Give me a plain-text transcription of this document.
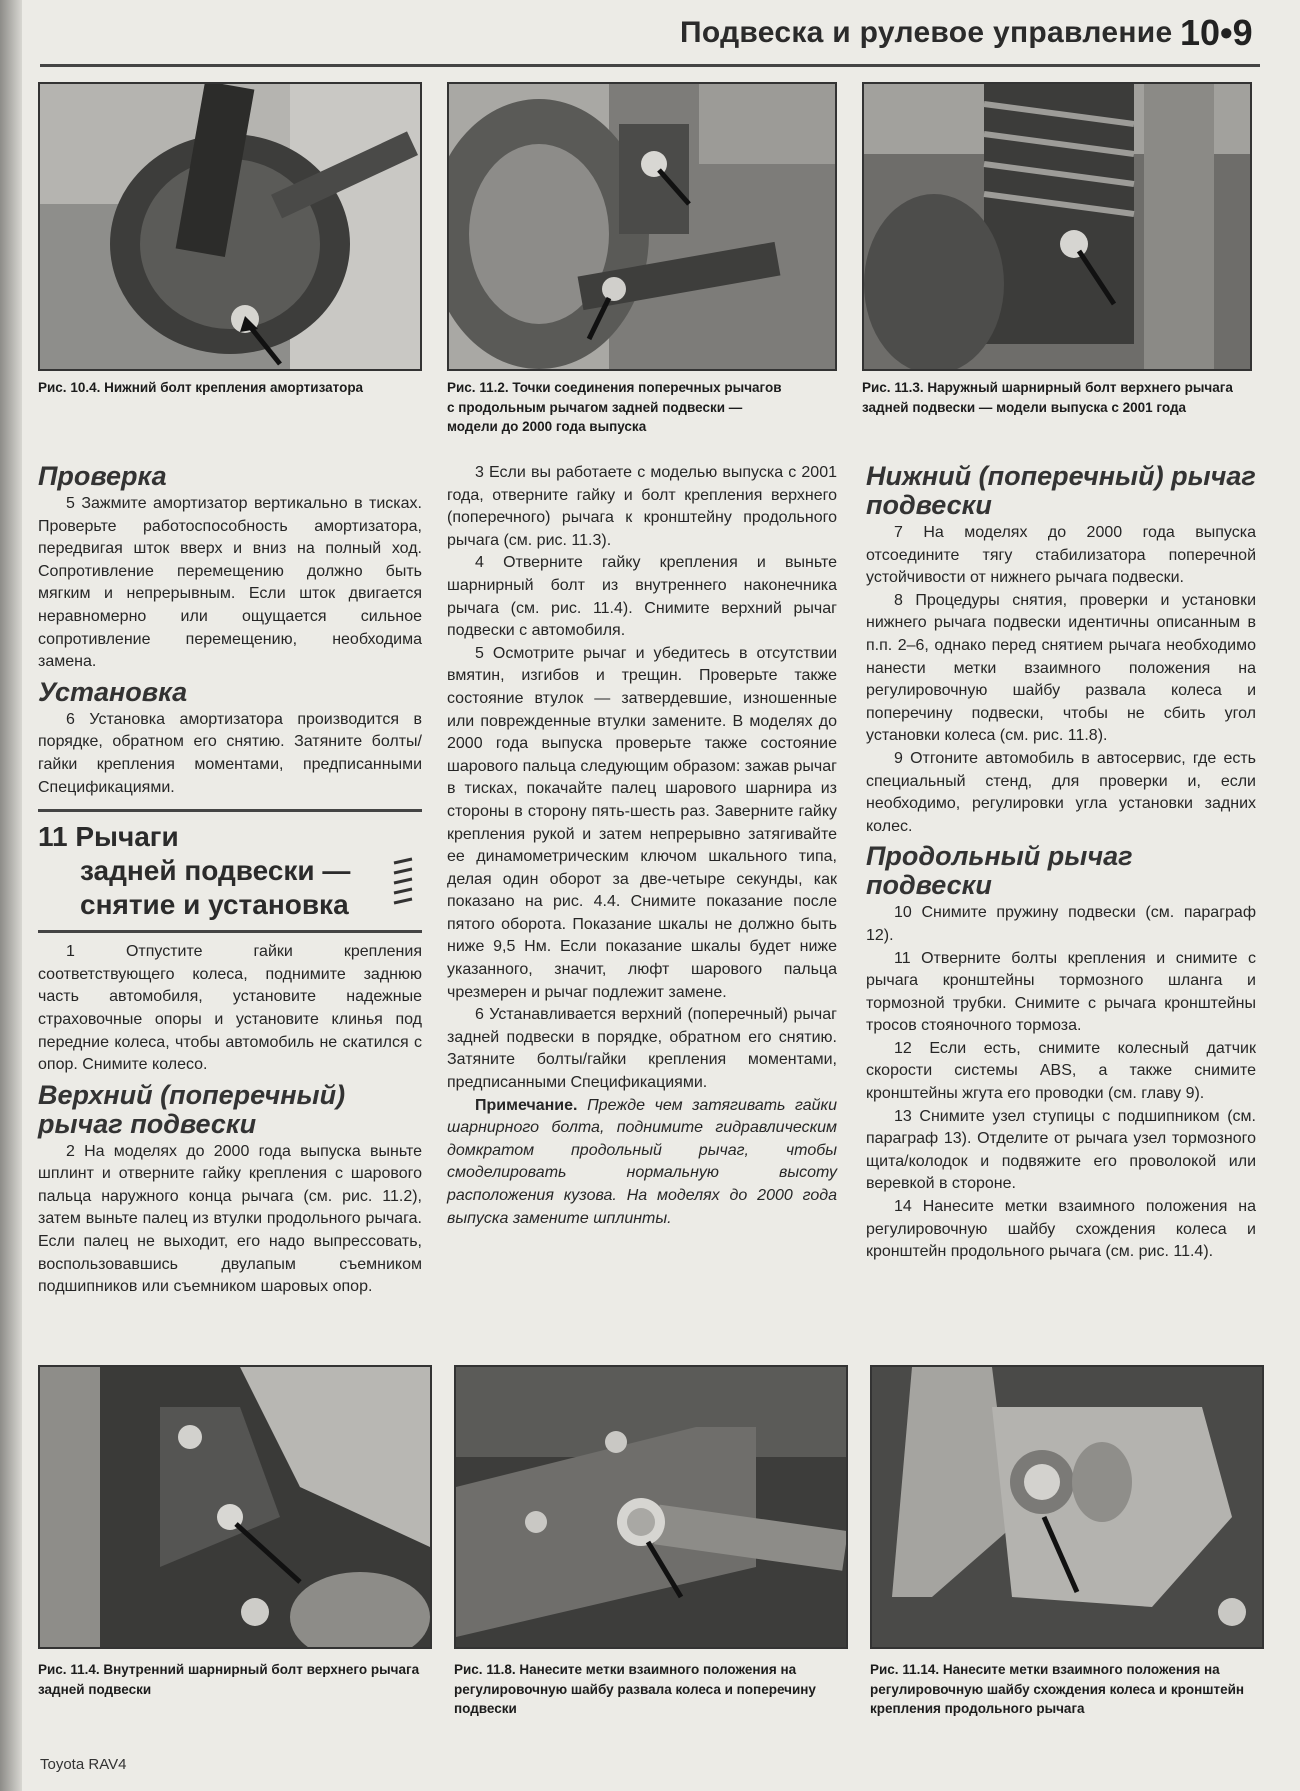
Подвеска и рулевое управление 10•9
Рис. 10.4. Нижний болт крепления амортизатора	Рис. 11.2. Точки соединения поперечных рычагов с продольным рычагом задней подвески — модели до 2000 года выпуска
Рис. 11.3. Наружный шарнирный болт верхнего рычага задней подвески — модели выпуска с 2001 года
Проверка

5 Зажмите амортизатор вертикально в тисках. Проверьте работоспособность амортизатора, передвигая шток вверх и вниз на полный ход. Сопротивление перемещению должно быть мягким и непрерывным. Если шток двигается неравномерно или ощущается сильное сопротивление перемещению, необходима замена.

Установка

6 Установка амортизатора производится в порядке, обратном его снятию. Затяните болты/гайки крепления моментами, предписанными Спецификациями.

11 Рычаги
задней подвески —
снятие и установка

1 Отпустите гайки крепления соответствующего колеса, поднимите заднюю часть автомобиля, установите надежные страховочные опоры и установите клинья под передние колеса, чтобы автомобиль не скатился с опор. Снимите колесо.

Верхний (поперечный) рычаг подвески

2 На моделях до 2000 года выпуска выньте шплинт и отверните гайку крепления с шарового пальца наружного конца рычага (см. рис. 11.2), затем выньте палец из втулки продольного рычага. Если палец не выходит, его надо выпрессовать, воспользовавшись двулапым съемником подшипников или съемником шаровых опор.

3 Если вы работаете с моделью выпуска с 2001 года, отверните гайку и болт крепления верхнего (поперечного) рычага к кронштейну продольного рычага (см. рис. 11.3).

4 Отверните гайку крепления и выньте шарнирный болт из внутреннего наконечника рычага (см. рис. 11.4). Снимите верхний рычаг подвески с автомобиля.

5 Осмотрите рычаг и убедитесь в отсутствии вмятин, изгибов и трещин. Проверьте также состояние втулок — затвердевшие, изношенные или поврежденные втулки замените. В моделях до 2000 года выпуска проверьте также состояние шарового пальца следующим образом: зажав рычаг в тисках, покачайте палец шарового шарнира из стороны в сторону пять-шесть раз. Заверните гайку крепления рукой и затем непрерывно затягивайте ее динамометрическим ключом шкального типа, делая один оборот за две-четыре секунды, как показано на рис. 4.4. Снимите показание после пятого оборота. Показание шкалы не должно быть ниже 9,5 Нм. Если показание шкалы будет ниже указанного, значит, люфт шарового пальца чрезмерен и рычаг подлежит замене.

6 Устанавливается верхний (поперечный) рычаг задней подвески в порядке, обратном его снятию. Затяните болты/гайки крепления моментами, предписанными Спецификациями.

Примечание. Прежде чем затягивать гайки шарнирного болта, поднимите гидравлическим домкратом продольный рычаг, чтобы смоделировать нормальную высоту расположения кузова. На моделях до 2000 года выпуска замените шплинты.

Нижний (поперечный) рычаг подвески

7 На моделях до 2000 года выпуска отсоедините тягу стабилизатора поперечной устойчивости от нижнего рычага подвески.

8 Процедуры снятия, проверки и установки нижнего рычага подвески идентичны описанным в п.п. 2–6, однако перед снятием рычага необходимо нанести метки взаимного положения на регулировочную шайбу развала колеса и поперечину подвески, чтобы не сбить угол установки колеса (см. рис. 11.8).

9 Отгоните автомобиль в автосервис, где есть специальный стенд, для проверки и, если необходимо, регулировки угла установки задних колес.

Продольный рычаг подвески

10 Снимите пружину подвески (см. параграф 12).

11 Отверните болты крепления и снимите с рычага кронштейны тормозного шланга и тормозной трубки. Снимите с рычага кронштейны тросов стояночного тормоза.

12 Если есть, снимите колесный датчик скорости системы ABS, а также снимите кронштейны жгута его проводки (см. главу 9).

13 Снимите узел ступицы с подшипником (см. параграф 13). Отделите от рычага узел тормозного щита/колодок и подвяжите его проволокой или веревкой в стороне.

14 Нанесите метки взаимного положения на регулировочную шайбу схождения колеса и кронштейн продольного рычага (см. рис. 11.4).

Рис. 11.4. Внутренний шарнирный болт верхнего рычага задней подвески
Рис. 11.8. Нанесите метки взаимного положения на регулировочную шайбу развала колеса и поперечину подвески
Рис. 11.14. Нанесите метки взаимного положения на регулировочную шайбу схождения колеса и кронштейн крепления продольного рычага
Toyota RAV4
